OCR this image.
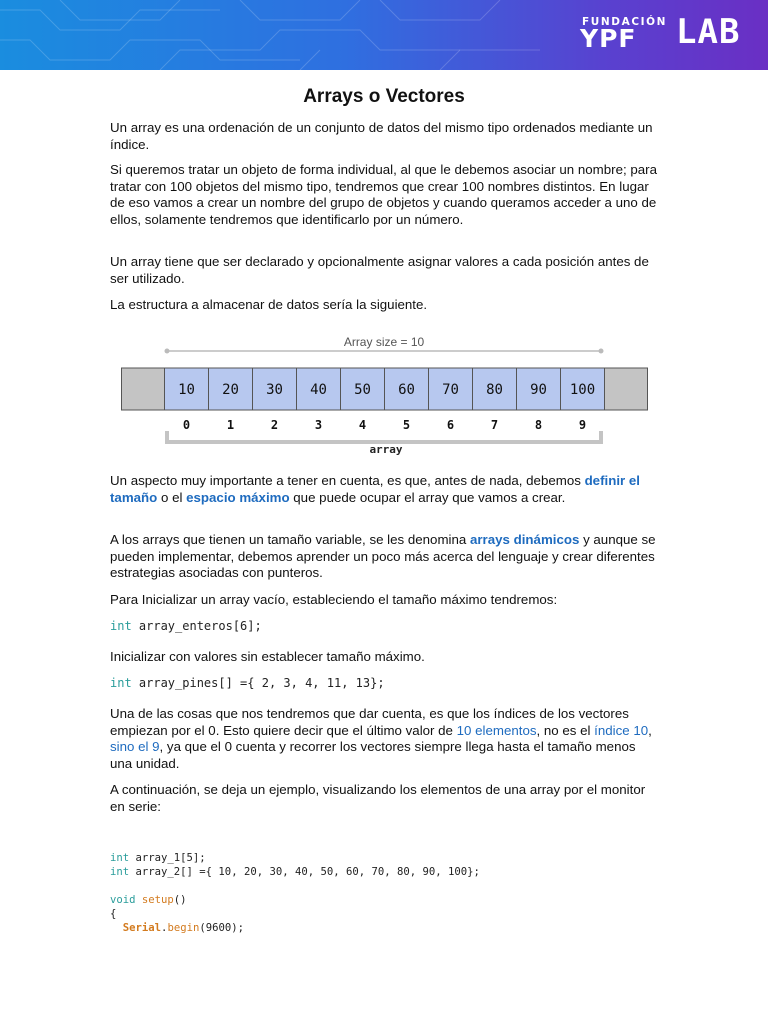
FUNDACIÓN
YPF LAB
Arrays o Vectores

Un array es una ordenación de un conjunto de datos del mismo tipo ordenados mediante un índice.

Si queremos tratar un objeto de forma individual, al que le debemos asociar un nombre; para tratar con 100 objetos del mismo tipo, tendremos que crear 100 nombres distintos. En lugar de eso vamos a crear un nombre del grupo de objetos y cuando queramos acceder a uno de ellos, solamente tendremos que identificarlo por un número.

Un array tiene que ser declarado y opcionalmente asignar valores a cada posición antes de ser utilizado.

La estructura a almacenar de datos sería la siguiente.

Un aspecto muy importante a tener en cuenta, es que, antes de nada, debemos definir el tamaño o el espacio máximo que puede ocupar el array que vamos a crear.

A los arrays que tienen un tamaño variable, se les denomina arrays dinámicos y aunque se pueden implementar, debemos aprender un poco más acerca del lenguaje y crear diferentes estrategias asociadas con punteros.

Para Inicializar un array vacío, estableciendo el tamaño máximo tendremos:

int array_enteros[6];

Inicializar con valores sin establecer tamaño máximo.

int array_pines[] ={ 2, 3, 4, 11, 13};

Una de las cosas que nos tendremos que dar cuenta, es que los índices de los vectores empiezan por el 0. Esto quiere decir que el último valor de 10 elementos, no es el índice 10, sino el 9, ya que el 0 cuenta y recorrer los vectores siempre llega hasta el tamaño menos una unidad.

A continuación, se deja un ejemplo, visualizando los elementos de una array por el monitor en serie:

int array_1[5];
int array_2[] ={ 10, 20, 30, 40, 50, 60, 70, 80, 90, 100};

void setup()
{
Serial.begin(9600);
Array size = 10
10
0
20
1
30
2
40
3
50
4
60
5
70
6
80
7
90
8
100
9
array
